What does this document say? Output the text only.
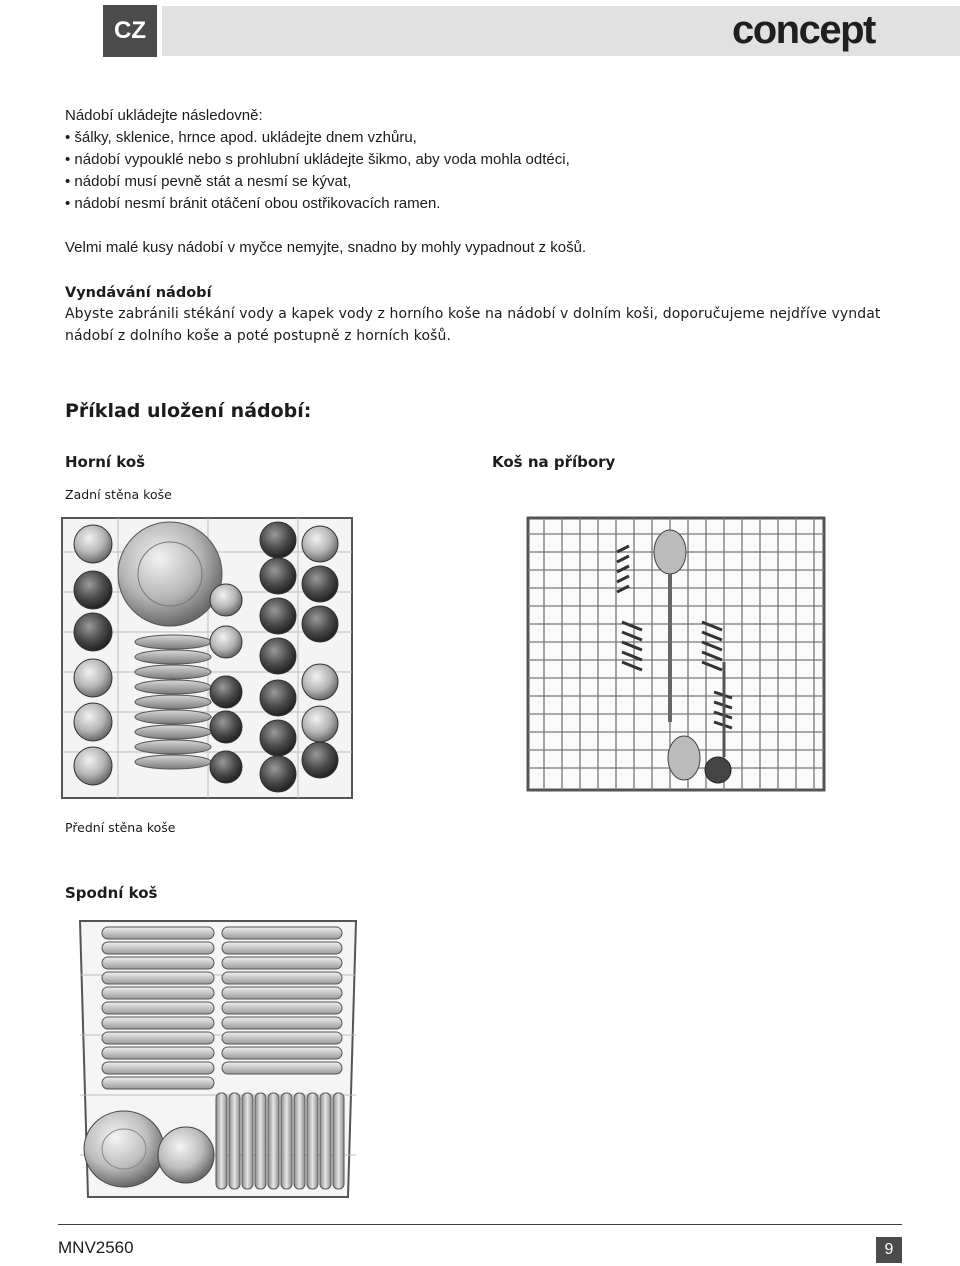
CZ	concept
Nádobí ukládejte následovně:
• šálky, sklenice, hrnce apod. ukládejte dnem vzhůru,
• nádobí vypouklé nebo s prohlubní ukládejte šikmo, aby voda mohla odtéci,
• nádobí musí pevně stát a nesmí se kývat,
• nádobí nesmí bránit otáčení obou ostřikovacích ramen.
Velmi malé kusy nádobí v myčce nemyjte, snadno by mohly vypadnout z košů.
Vyndávání nádobí
Abyste zabránili stékání vody a kapek vody z horního koše na nádobí v dolním koši, doporučujeme nejdříve vyndat nádobí z dolního koše a poté postupně z horních košů.
Příklad uložení nádobí:
Horní koš	Koš na příbory
Zadní stěna koše
Přední stěna koše
Spodní koš
MNV2560	9
